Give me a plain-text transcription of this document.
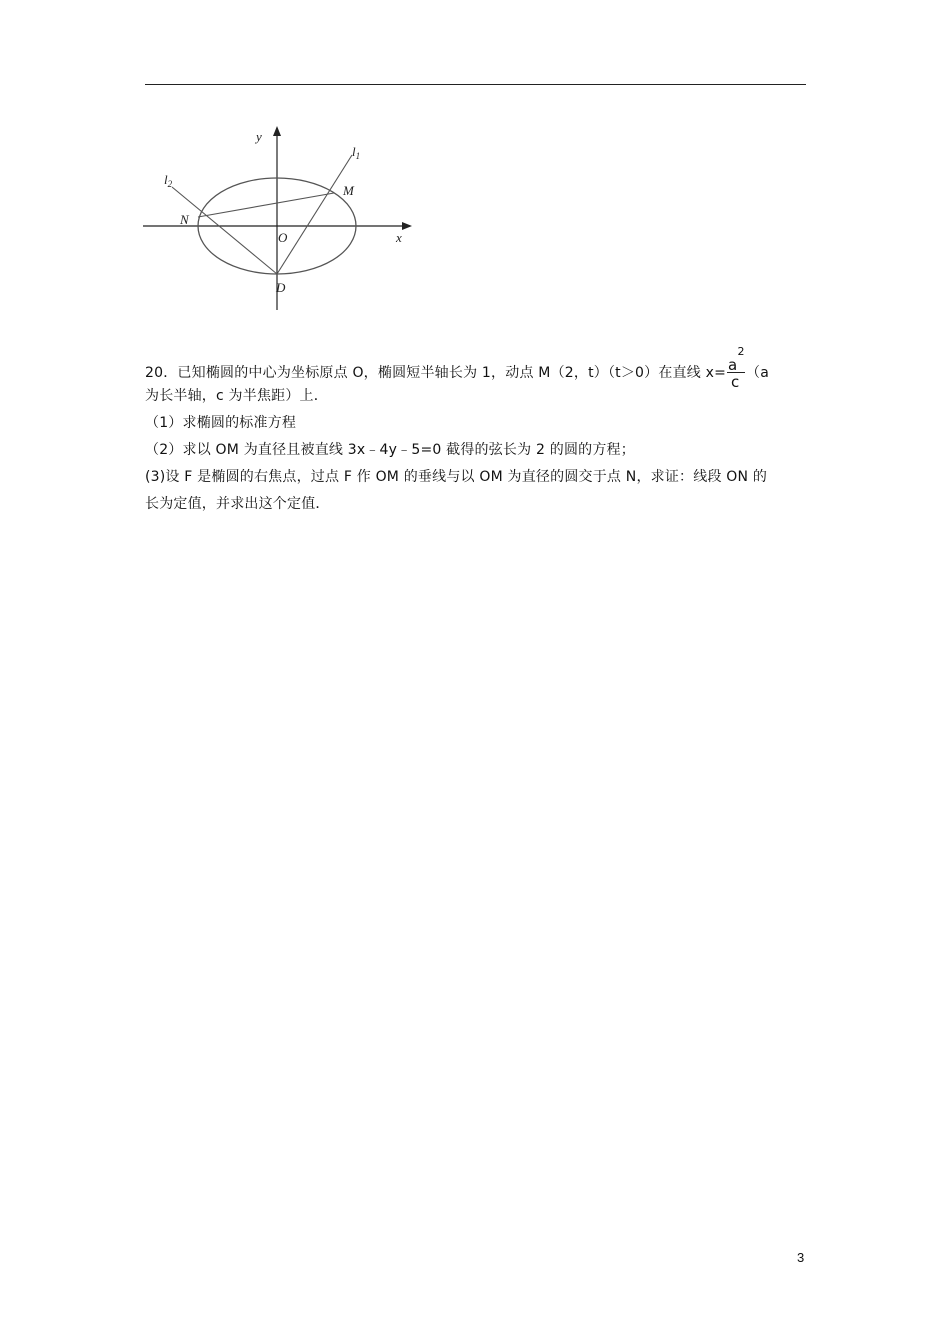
y
x
O
N
M
D
$l_1$
$l_2$
20．已知椭圆的中心为坐标原点 O，椭圆短半轴长为 1，动点 M（2，t）（t＞0）在直线 $x= \frac{a^2}{c} (a$
为长半轴，c 为半焦距）上．
（1）求椭圆的标准方程
（2）求以 OM 为直径且被直线 3x﹣4y﹣5=0 截得的弦长为 2 的圆的方程；
(3)设 F 是椭圆的右焦点，过点 F 作 OM 的垂线与以 OM 为直径的圆交于点 N，求证：线段 ON 的
长为定值，并求出这个定值．
3
